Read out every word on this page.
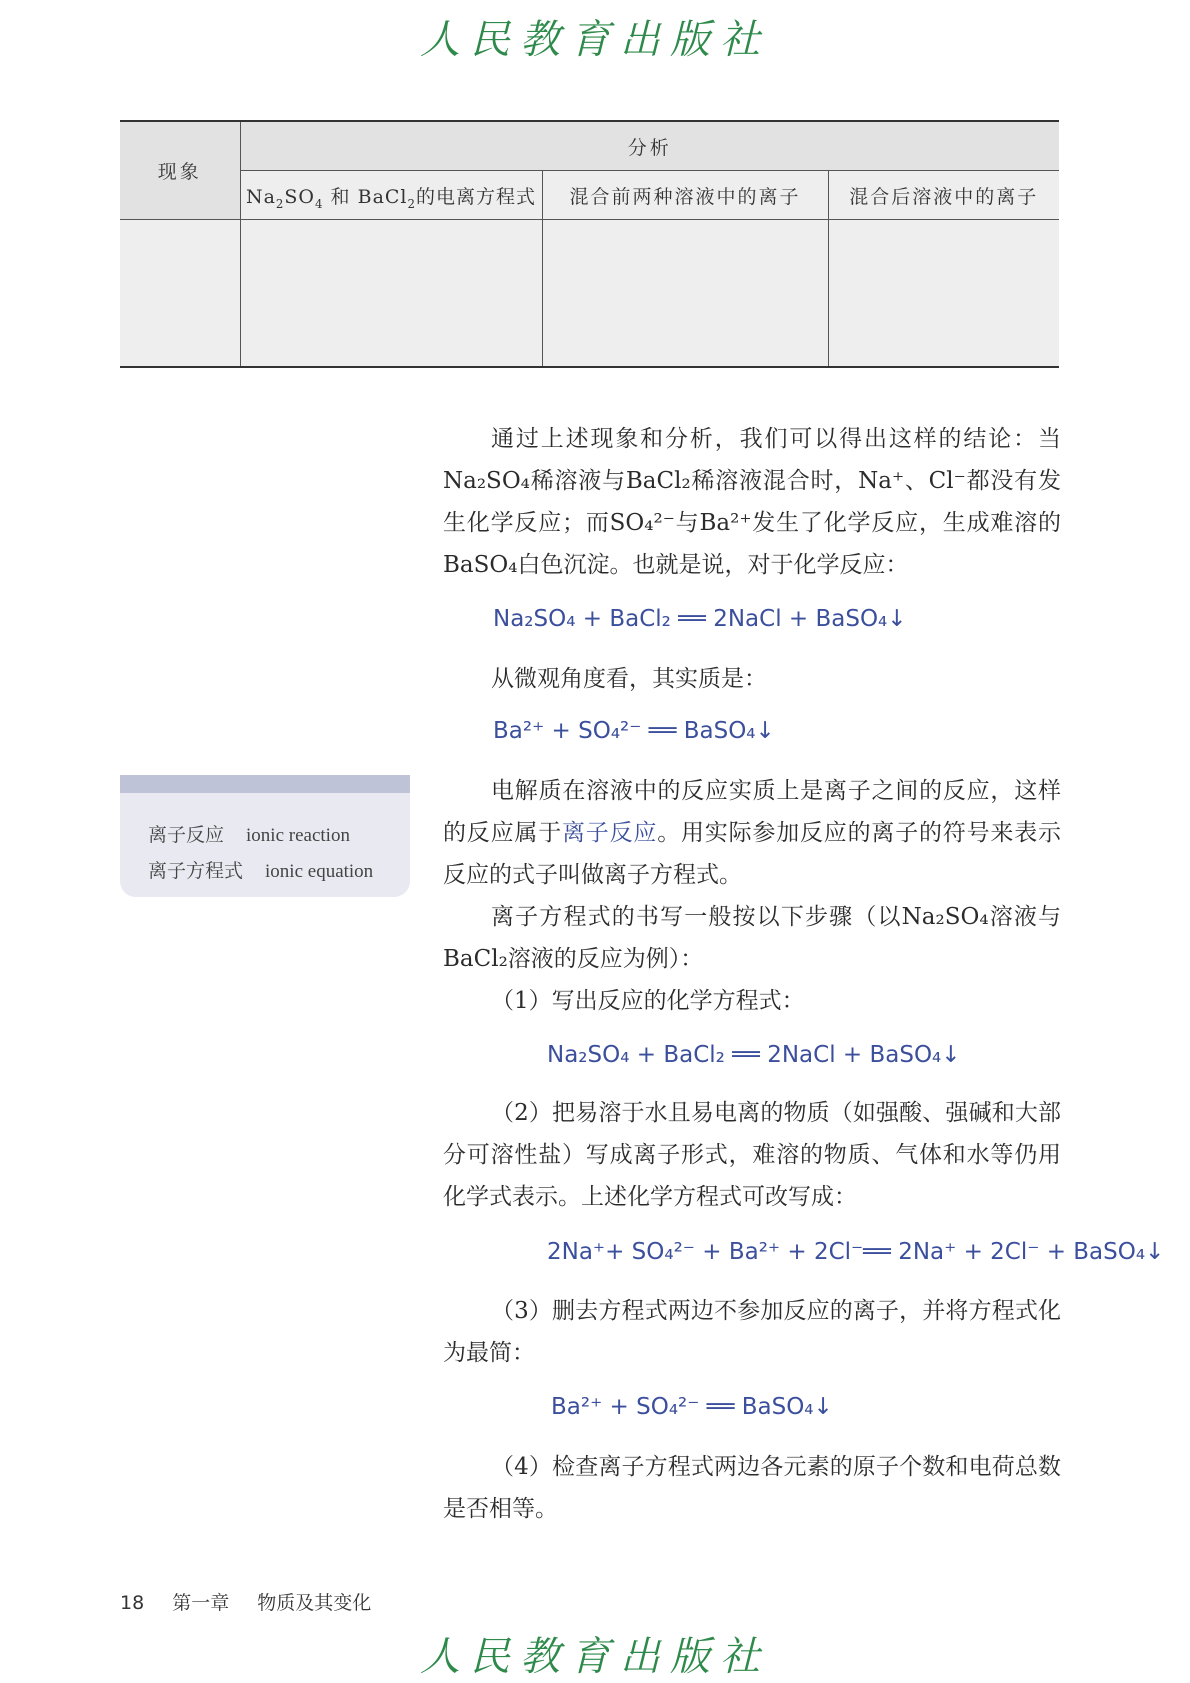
人民教育出版社
现象	分析		
	$Na_2SO_4$ 和 BaCl$_2$的电离方程式	混合前两种溶液中的离子	混合后溶液中的离子

通过上述现象和分析，我们可以得出这样的结论：当Na₂SO₄稀溶液与BaCl₂稀溶液混合时，Na⁺、Cl⁻都没有发生化学反应；而SO₄²⁻与Ba²⁺发生了化学反应，生成难溶的BaSO₄白色沉淀。也就是说，对于化学反应：

Na₂SO₄ + BaCl₂ ══ 2NaCl + BaSO₄↓

从微观角度看，其实质是：

Ba²⁺ + SO₄²⁻ ══ BaSO₄↓

电解质在溶液中的反应实质上是离子之间的反应，这样的反应属于离子反应。用实际参加反应的离子的符号来表示反应的式子叫做离子方程式。

离子方程式的书写一般按以下步骤（以Na₂SO₄溶液与BaCl₂溶液的反应为例）：

（1）写出反应的化学方程式：

Na₂SO₄ + BaCl₂ ══ 2NaCl + BaSO₄↓

（2）把易溶于水且易电离的物质（如强酸、强碱和大部分可溶性盐）写成离子形式，难溶的物质、气体和水等仍用化学式表示。上述化学方程式可改写成：

2Na⁺+ SO₄²⁻ + Ba²⁺ + 2Cl⁻══ 2Na⁺ + 2Cl⁻ + BaSO₄↓

（3）删去方程式两边不参加反应的离子，并将方程式化为最简：

Ba²⁺ + SO₄²⁻ ══ BaSO₄↓

（4）检查离子方程式两边各元素的原子个数和电荷总数是否相等。

离子反应 ionic reaction
离子方程式 ionic equation
18 第一章 物质及其变化
人民教育出版社
